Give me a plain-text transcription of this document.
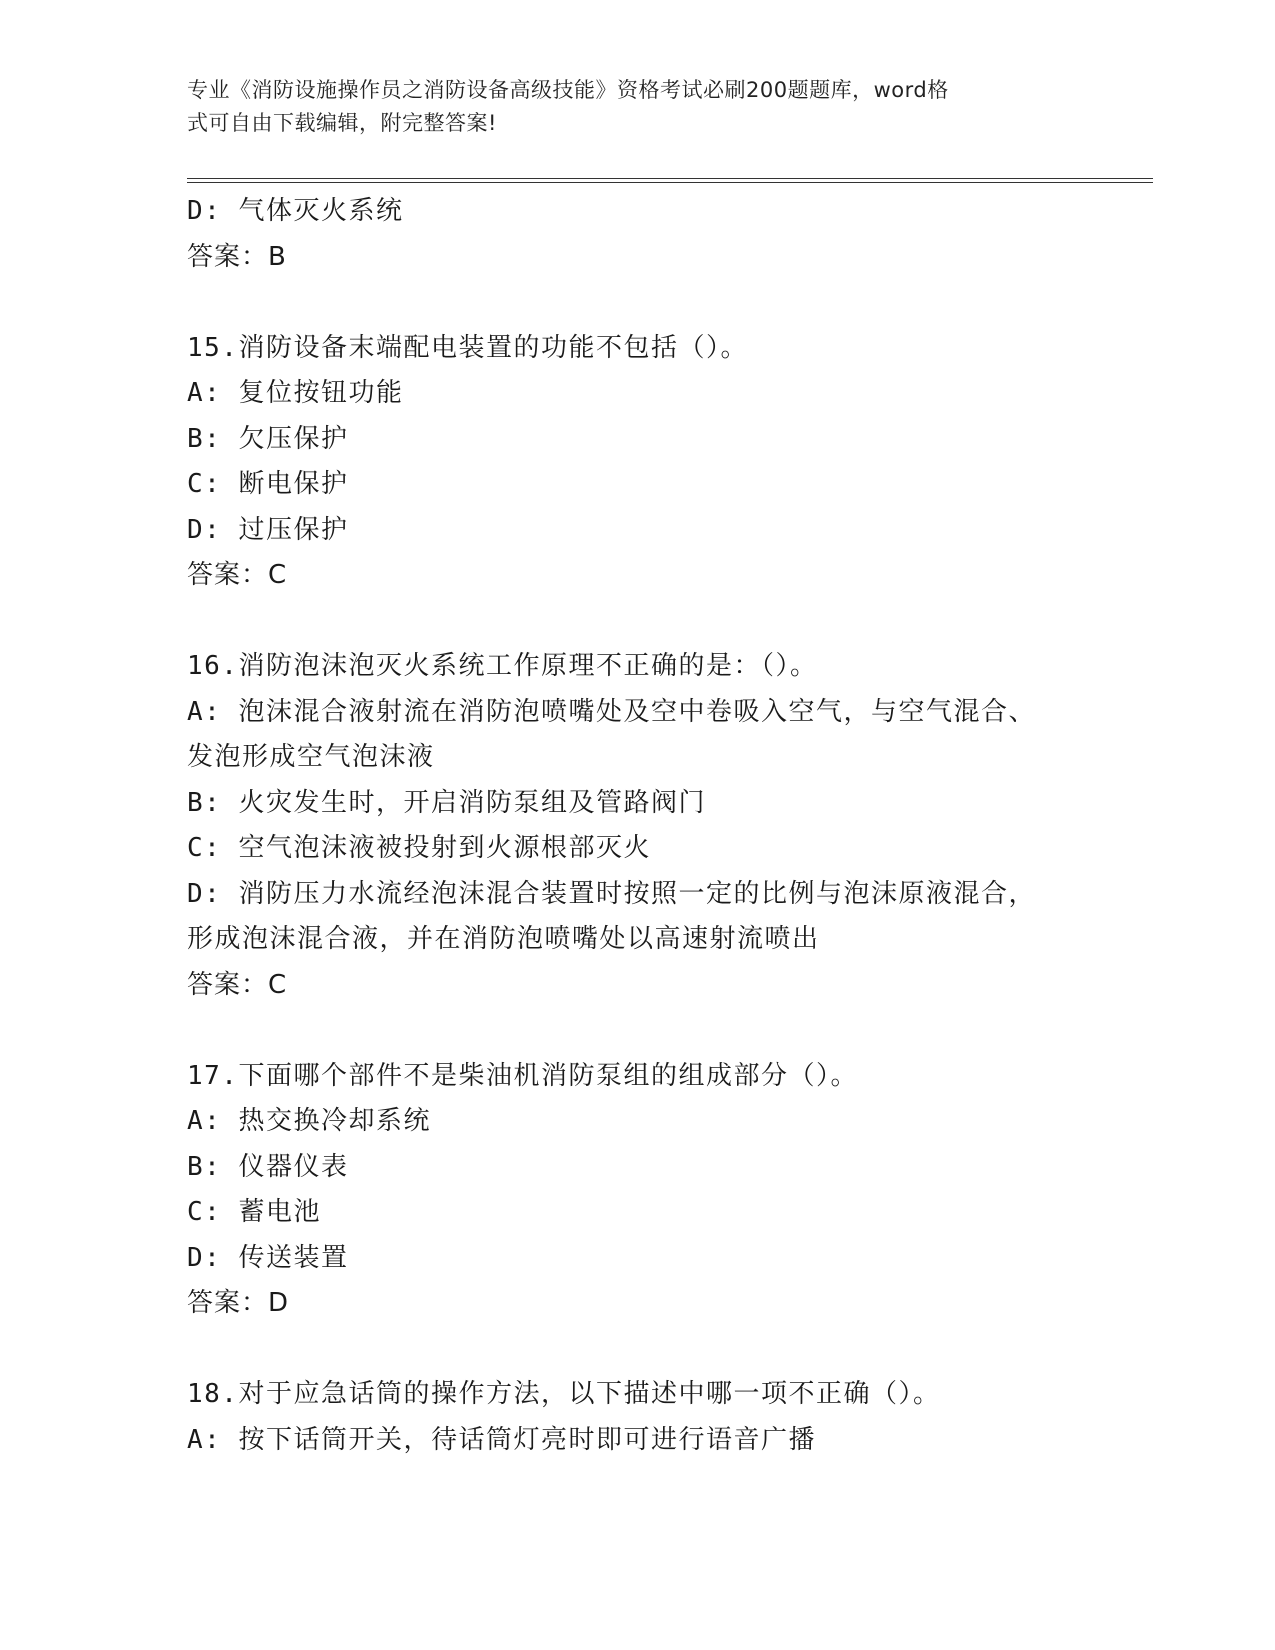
专业《消防设施操作员之消防设备高级技能》资格考试必刷200题题库，word格
式可自由下载编辑，附完整答案!
D: 气体灭火系统
答案：B
15.消防设备末端配电装置的功能不包括（）。
A: 复位按钮功能
B: 欠压保护
C: 断电保护
D: 过压保护
答案：C
16.消防泡沫泡灭火系统工作原理不正确的是：（）。
A: 泡沫混合液射流在消防泡喷嘴处及空中卷吸入空气，与空气混合、
发泡形成空气泡沫液
B: 火灾发生时，开启消防泵组及管路阀门
C: 空气泡沫液被投射到火源根部灭火
D: 消防压力水流经泡沫混合装置时按照一定的比例与泡沫原液混合，
形成泡沫混合液，并在消防泡喷嘴处以高速射流喷出
答案：C
17.下面哪个部件不是柴油机消防泵组的组成部分（）。
A: 热交换冷却系统
B: 仪器仪表
C: 蓄电池
D: 传送装置
答案：D
18.对于应急话筒的操作方法，以下描述中哪一项不正确（）。
A: 按下话筒开关，待话筒灯亮时即可进行语音广播
